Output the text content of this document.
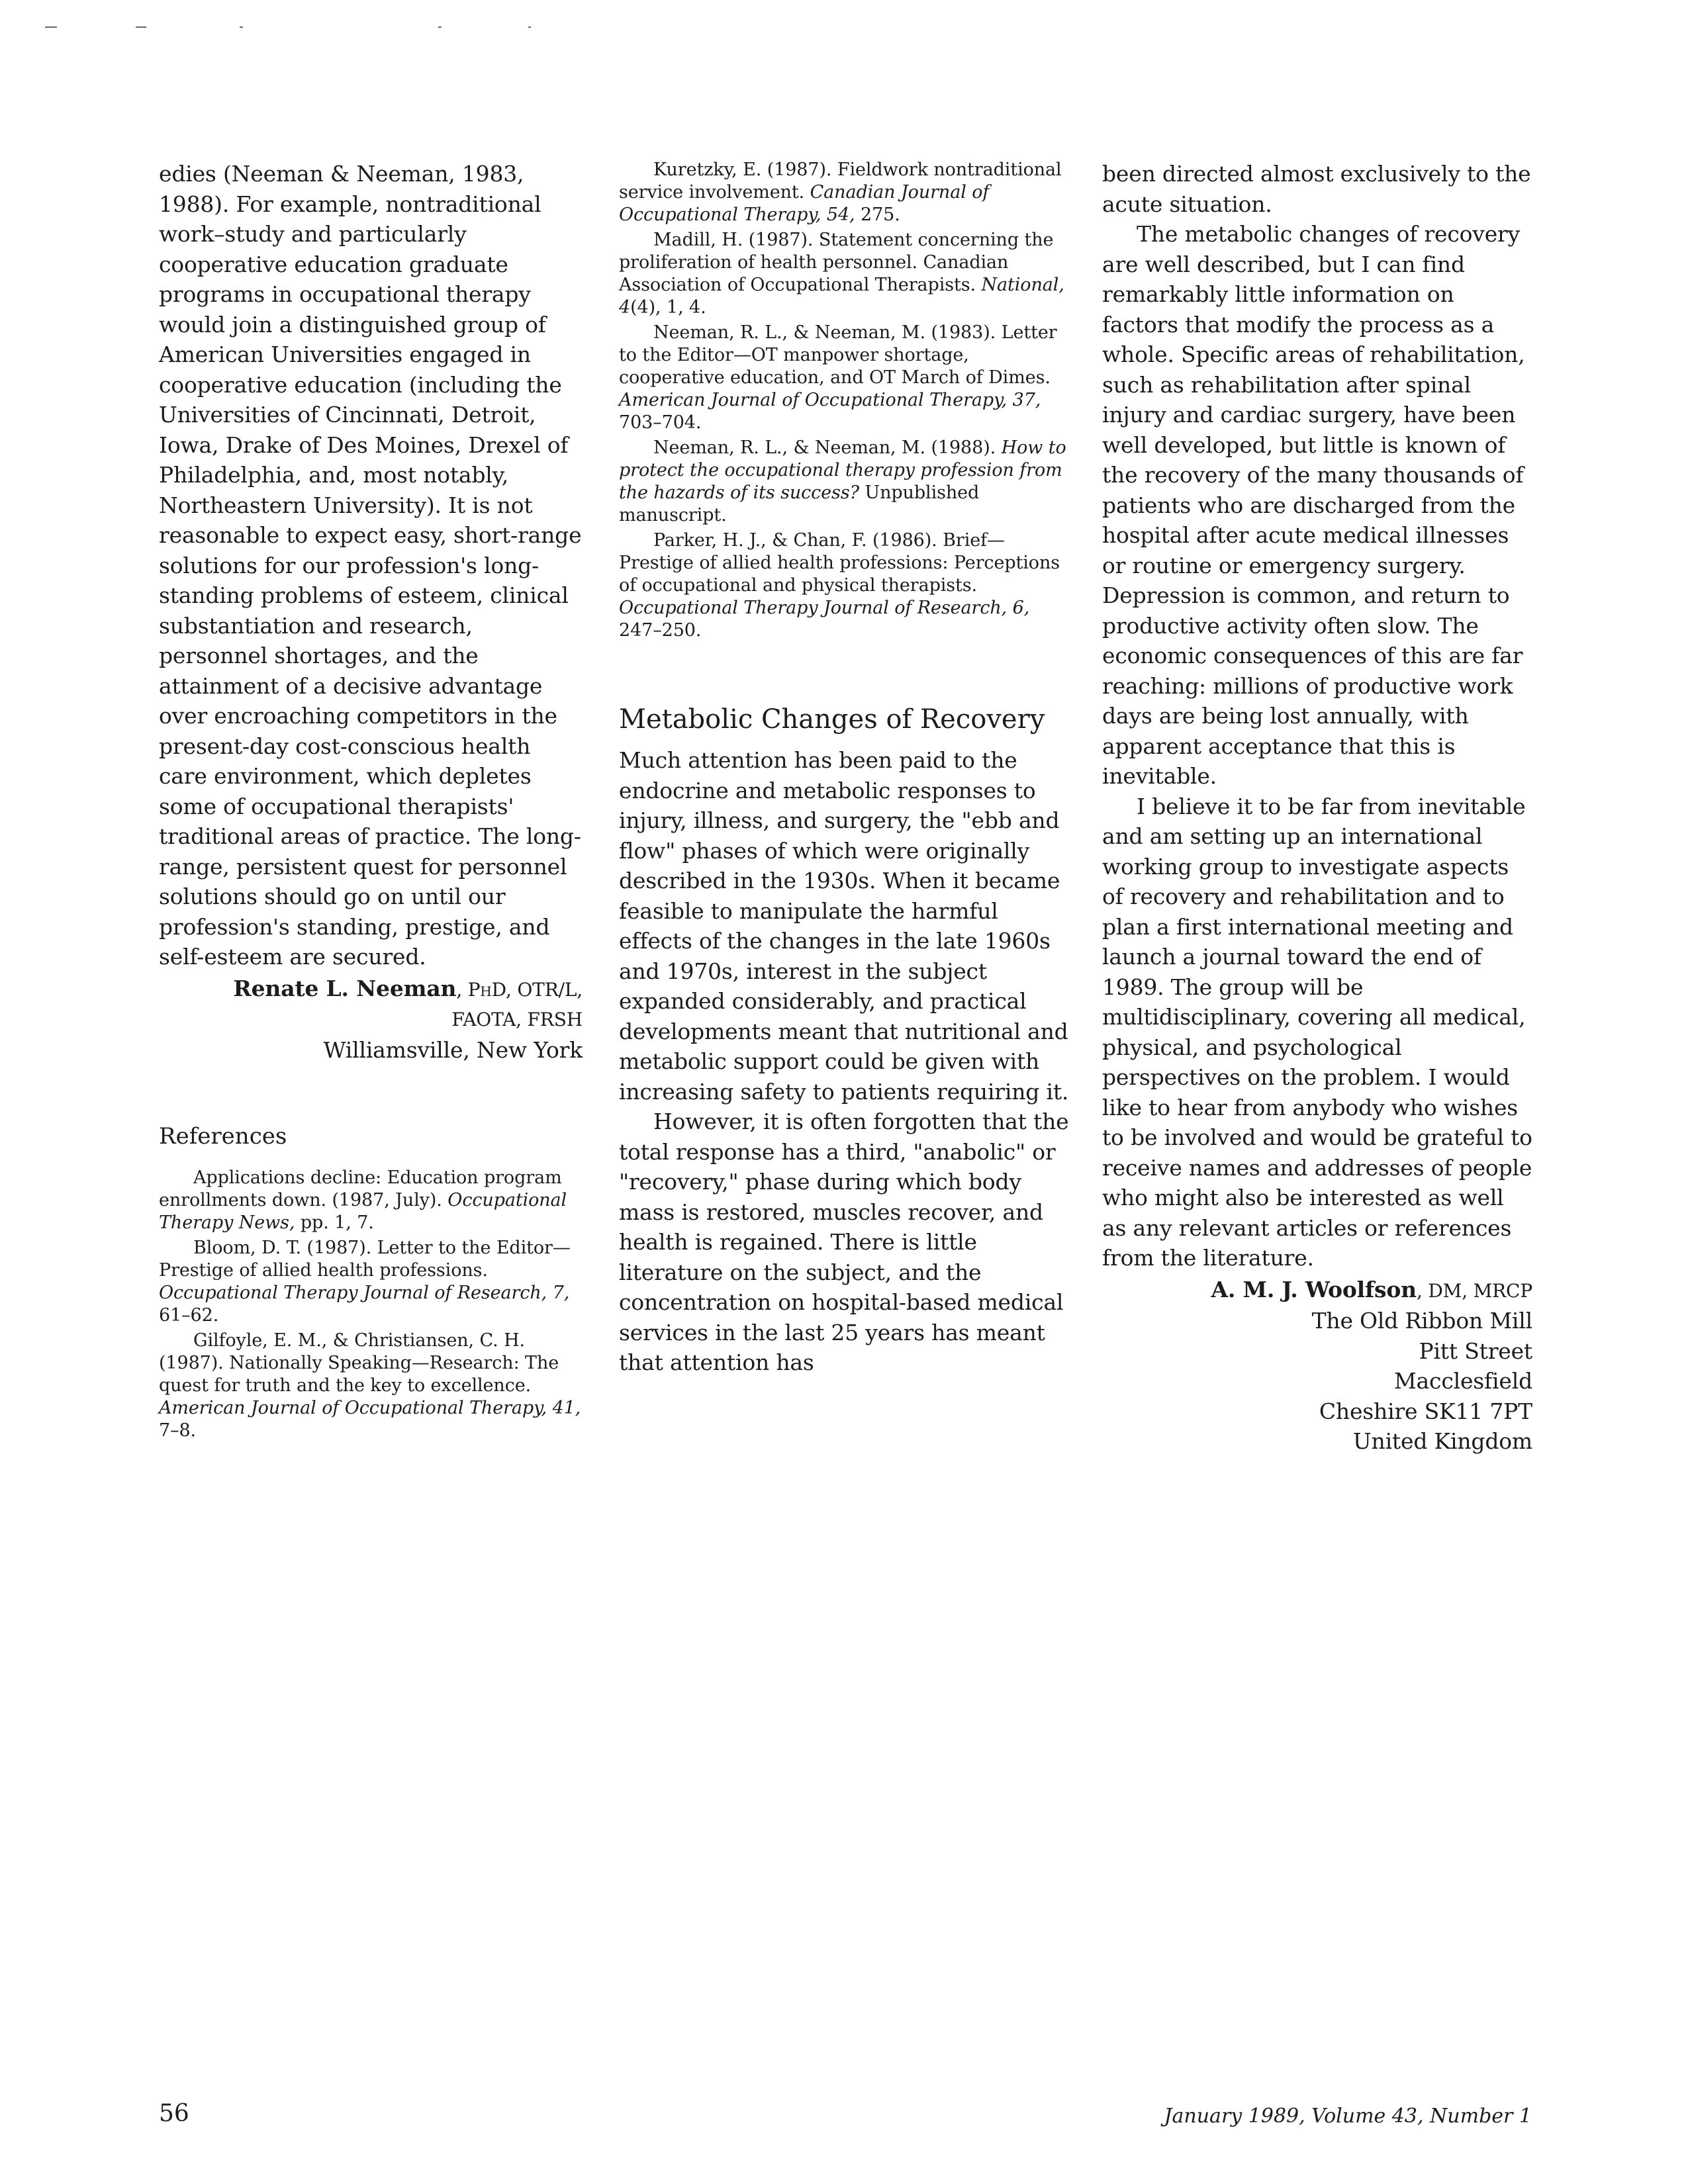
edies (Neeman & Neeman, 1983, 1988). For example, nontraditional work–study and particularly cooperative education graduate programs in occupational therapy would join a distinguished group of American Universities engaged in cooperative education (including the Universities of Cincinnati, Detroit, Iowa, Drake of Des Moines, Drexel of Philadelphia, and, most notably, Northeastern University). It is not reasonable to expect easy, short-range solutions for our profession's long-standing problems of esteem, clinical substantiation and research, personnel shortages, and the attainment of a decisive advantage over encroaching competitors in the present-day cost-conscious health care environment, which depletes some of occupational therapists' traditional areas of practice. The long-range, persistent quest for personnel solutions should go on until our profession's standing, prestige, and self-esteem are secured.

Renate L. Neeman, PhD, OTR/L,
FAOTA, FRSH
Williamsville, New York
References

Applications decline: Education program enrollments down. (1987, July). Occupational Therapy News, pp. 1, 7.

Bloom, D. T. (1987). Letter to the Editor—Prestige of allied health professions. Occupational Therapy Journal of Research, 7, 61–62.

Gilfoyle, E. M., & Christiansen, C. H. (1987). Nationally Speaking—Research: The quest for truth and the key to excellence. American Journal of Occupational Therapy, 41, 7–8.

Kuretzky, E. (1987). Fieldwork nontraditional service involvement. Canadian Journal of Occupational Therapy, 54, 275.

Madill, H. (1987). Statement concerning the proliferation of health personnel. Canadian Association of Occupational Therapists. National, 4(4), 1, 4.

Neeman, R. L., & Neeman, M. (1983). Letter to the Editor—OT manpower shortage, cooperative education, and OT March of Dimes. American Journal of Occupational Therapy, 37, 703–704.

Neeman, R. L., & Neeman, M. (1988). How to protect the occupational therapy profession from the hazards of its success? Unpublished manuscript.

Parker, H. J., & Chan, F. (1986). Brief—Prestige of allied health professions: Perceptions of occupational and physical therapists. Occupational Therapy Journal of Research, 6, 247–250.

Metabolic Changes of Recovery

Much attention has been paid to the endocrine and metabolic responses to injury, illness, and surgery, the "ebb and flow" phases of which were originally described in the 1930s. When it became feasible to manipulate the harmful effects of the changes in the late 1960s and 1970s, interest in the subject expanded considerably, and practical developments meant that nutritional and metabolic support could be given with increasing safety to patients requiring it.

However, it is often forgotten that the total response has a third, "anabolic" or "recovery," phase during which body mass is restored, muscles recover, and health is regained. There is little literature on the subject, and the concentration on hospital-based medical services in the last 25 years has meant that attention has

been directed almost exclusively to the acute situation.

The metabolic changes of recovery are well described, but I can find remarkably little information on factors that modify the process as a whole. Specific areas of rehabilitation, such as rehabilitation after spinal injury and cardiac surgery, have been well developed, but little is known of the recovery of the many thousands of patients who are discharged from the hospital after acute medical illnesses or routine or emergency surgery. Depression is common, and return to productive activity often slow. The economic consequences of this are far reaching: millions of productive work days are being lost annually, with apparent acceptance that this is inevitable.

I believe it to be far from inevitable and am setting up an international working group to investigate aspects of recovery and rehabilitation and to plan a first international meeting and launch a journal toward the end of 1989. The group will be multidisciplinary, covering all medical, physical, and psychological perspectives on the problem. I would like to hear from anybody who wishes to be involved and would be grateful to receive names and addresses of people who might also be interested as well as any relevant articles or references from the literature.

A. M. J. Woolfson, DM, MRCP
The Old Ribbon Mill
Pitt Street
Macclesfield
Cheshire SK11 7PT
United Kingdom
56	January 1989, Volume 43, Number 1
